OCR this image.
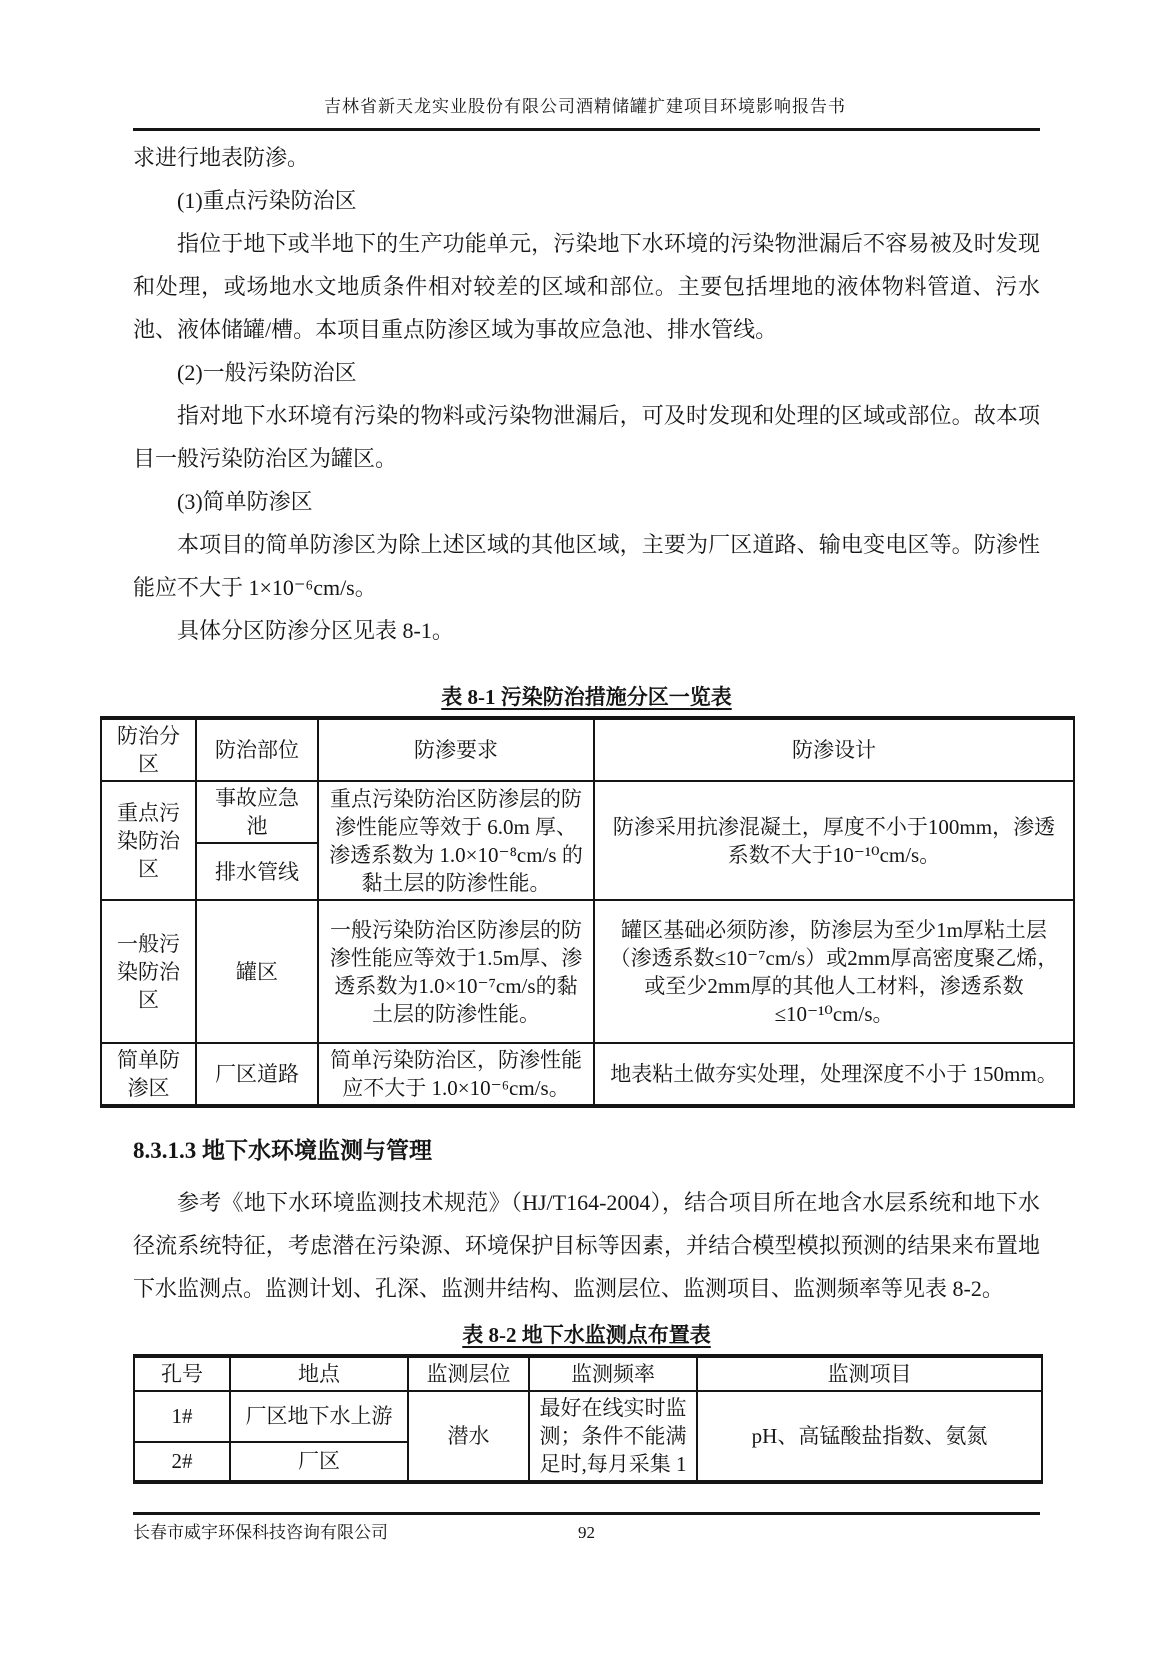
吉林省新天龙实业股份有限公司酒精储罐扩建项目环境影响报告书

求进行地表防渗。

(1)重点污染防治区

指位于地下或半地下的生产功能单元，污染地下水环境的污染物泄漏后不容易被及时发现和处理，或场地水文地质条件相对较差的区域和部位。主要包括埋地的液体物料管道、污水池、液体储罐/槽。本项目重点防渗区域为事故应急池、排水管线。

(2)一般污染防治区

指对地下水环境有污染的物料或污染物泄漏后，可及时发现和处理的区域或部位。故本项目一般污染防治区为罐区。

(3)简单防渗区

本项目的简单防渗区为除上述区域的其他区域，主要为厂区道路、输电变电区等。防渗性能应不大于 1×10⁻⁶cm/s。

具体分区防渗分区见表 8-1。

表 8-1 污染防治措施分区一览表
防治分区	防治部位	防渗要求	防渗设计
重点污染防治区	事故应急池	重点污染防治区防渗层的防渗性能应等效于 6.0m 厚、渗透系数为 1.0×10⁻⁸cm/s 的黏土层的防渗性能。	防渗采用抗渗混凝土，厚度不小于100mm，渗透系数不大于10⁻¹⁰cm/s。
	排水管线		
一般污染防治区	罐区	一般污染防治区防渗层的防渗性能应等效于1.5m厚、渗透系数为1.0×10⁻⁷cm/s的黏土层的防渗性能。	罐区基础必须防渗，防渗层为至少1m厚粘土层（渗透系数≤10⁻⁷cm/s）或2mm厚高密度聚乙烯，或至少2mm厚的其他人工材料，渗透系数≤10⁻¹⁰cm/s。
简单防渗区	厂区道路	简单污染防治区，防渗性能应不大于 1.0×10⁻⁶cm/s。	地表粘土做夯实处理，处理深度不小于 150mm。
8.3.1.3 地下水环境监测与管理

参考《地下水环境监测技术规范》（HJ/T164-2004），结合项目所在地含水层系统和地下水径流系统特征，考虑潜在污染源、环境保护目标等因素，并结合模型模拟预测的结果来布置地下水监测点。监测计划、孔深、监测井结构、监测层位、监测项目、监测频率等见表 8-2。

表 8-2 地下水监测点布置表
孔号	地点	监测层位	监测频率	监测项目
1#	厂区地下水上游	潜水	最好在线实时监测；条件不能满足时,每月采集 1	pH、高锰酸盐指数、氨氮
2#	厂区			
长春市威宇环保科技咨询有限公司	92
